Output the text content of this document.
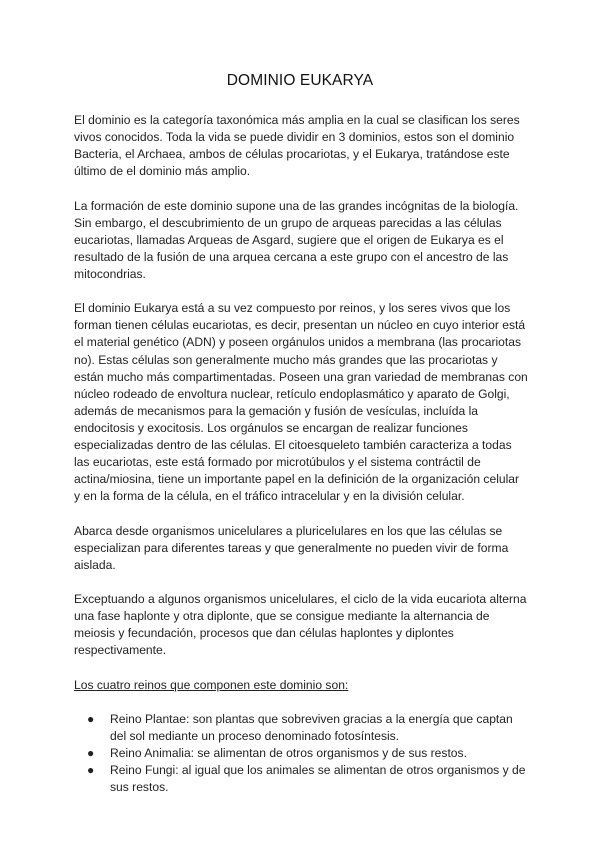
DOMINIO EUKARYA

El dominio es la categoría taxonómica más amplia en la cual se clasifican los seres vivos conocidos. Toda la vida se puede dividir en 3 dominios, estos son el dominio Bacteria, el Archaea, ambos de células procariotas, y el Eukarya, tratándose este último de el dominio más amplio.

La formación de este dominio supone una de las grandes incógnitas de la biología. Sin embargo, el descubrimiento de un grupo de arqueas parecidas a las células eucariotas, llamadas Arqueas de Asgard, sugiere que el origen de Eukarya es el resultado de la fusión de una arquea cercana a este grupo con el ancestro de las mitocondrias.

El dominio Eukarya está a su vez compuesto por reinos, y los seres vivos que los forman tienen células eucariotas, es decir, presentan un núcleo en cuyo interior está el material genético (ADN) y poseen orgánulos unidos a membrana (las procariotas no). Estas células son generalmente mucho más grandes que las procariotas y están mucho más compartimentadas. Poseen una gran variedad de membranas con núcleo rodeado de envoltura nuclear, retículo endoplasmático y aparato de Golgi, además de mecanismos para la gemación y fusión de vesículas, incluída la endocitosis y exocitosis. Los orgánulos se encargan de realizar funciones especializadas dentro de las células. El citoesqueleto también caracteriza a todas las eucariotas, este está formado por microtúbulos y el sistema contráctil de actina/miosina, tiene un importante papel en la definición de la organización celular y en la forma de la célula, en el tráfico intracelular y en la división celular.

Abarca desde organismos unicelulares a pluricelulares en los que las células se especializan para diferentes tareas y que generalmente no pueden vivir de forma aislada.

Exceptuando a algunos organismos unicelulares, el ciclo de la vida eucariota alterna una fase haplonte y otra diplonte, que se consigue mediante la alternancia de meiosis y fecundación, procesos que dan células haplontes y diplontes respectivamente.

Los cuatro reinos que componen este dominio son:

● Reino Plantae: son plantas que sobreviven gracias a la energía que captan del sol mediante un proceso denominado fotosíntesis.
● Reino Animalia: se alimentan de otros organismos y de sus restos.
● Reino Fungi: al igual que los animales se alimentan de otros organismos y de sus restos.
